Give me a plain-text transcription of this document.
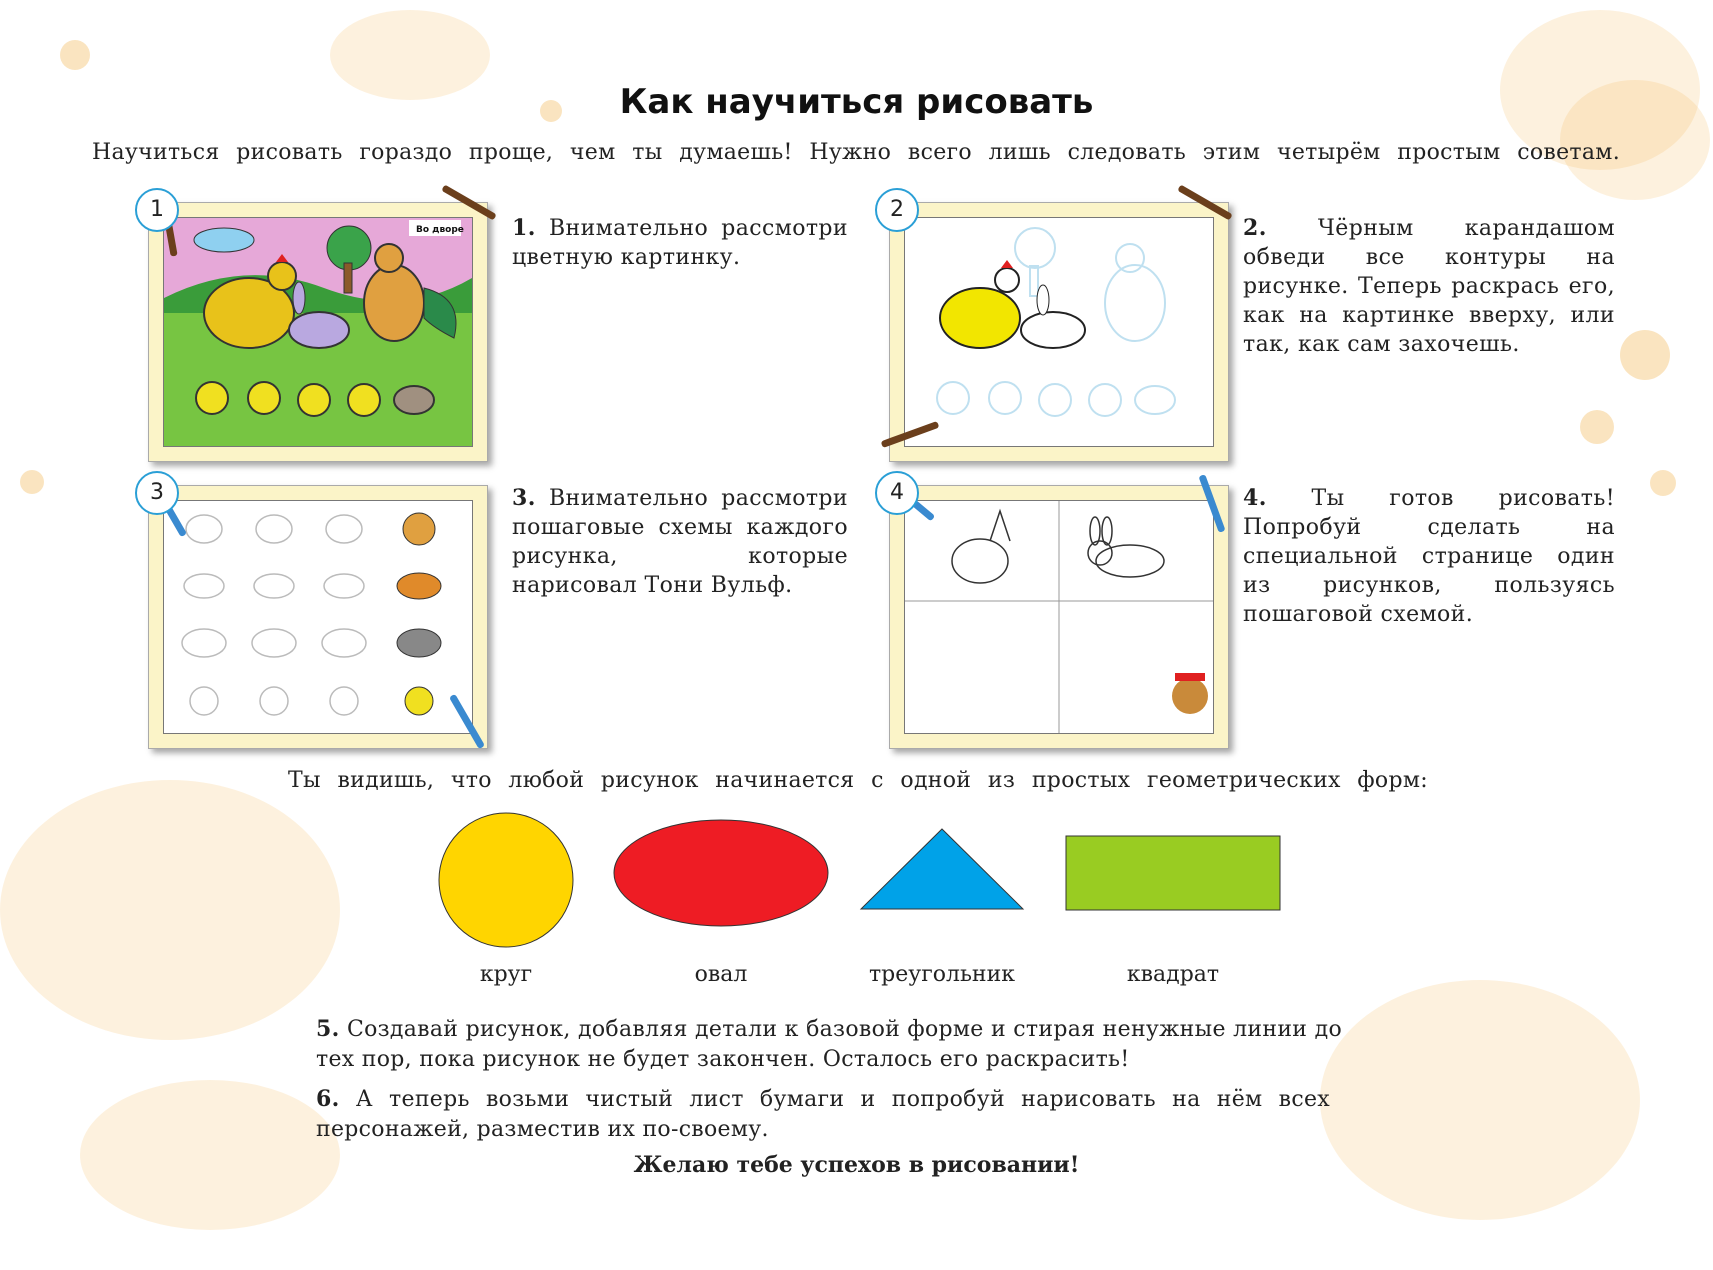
Как научиться рисовать

Научиться рисовать гораздо проще, чем ты думаешь! Нужно всего лишь следовать этим четырём простым советам.

1
Во дворе 1. Внимательно рассмотри цветную картинку.

2

2. Чёрным карандашом обведи все контуры на рисунке. Теперь раскрась его, как на картинке вверху, или так, как сам захочешь.

3	3. Внимательно рассмотри пошаговые схемы каждого рисунка, которые нарисовал Тони Вульф.

4	4. Ты готов рисовать! Попробуй сделать на специальной странице один из рисунков, пользуясь пошаговой схемой.

Ты видишь, что любой рисунок начинается с одной из простых геометрических форм:

круг	овал	треугольник	квадрат

5. Создавай рисунок, добавляя детали к базовой форме и стирая ненужные линии до тех пор, пока рисунок не будет закончен. Осталось его раскрасить!

6. А теперь возьми чистый лист бумаги и попробуй нарисовать на нём всех персонажей, разместив их по-своему.

Желаю тебе успехов в рисовании!
